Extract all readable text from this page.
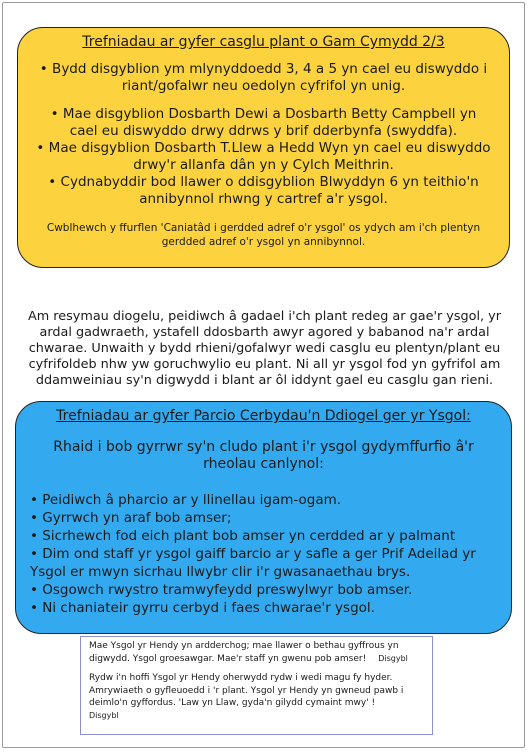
Trefniadau ar gyfer casglu plant o Gam Cymydd 2/3

• Bydd disgyblion ym mlynyddoedd 3, 4 a 5 yn cael eu diswyddo i riant/gofalwr neu oedolyn cyfrifol yn unig.
• Mae disgyblion Dosbarth Dewi a Dosbarth Betty Campbell yn cael eu diswyddo drwy ddrws y brif dderbynfa (swyddfa).
• Mae disgyblion Dosbarth T.Llew a Hedd Wyn yn cael eu diswyddo drwy'r allanfa dân yn y Cylch Meithrin.
• Cydnabyddir bod llawer o ddisgyblion Blwyddyn 6 yn teithio'n annibynnol rhwng y cartref a'r ysgol.

Cwblhewch y ffurflen 'Caniatâd i gerdded adref o'r ysgol' os ydych am i'ch plentyn gerdded adref o'r ysgol yn annibynnol.

Am resymau diogelu, peidiwch â gadael i'ch plant redeg ar gae'r ysgol, yr ardal gadwraeth, ystafell ddosbarth awyr agored y babanod na'r ardal chwarae. Unwaith y bydd rhieni/gofalwyr wedi casglu eu plentyn/plant eu cyfrifoldeb nhw yw goruchwylio eu plant. Ni all yr ysgol fod yn gyfrifol am ddamweiniau sy'n digwydd i blant ar ôl iddynt gael eu casglu gan rieni.

Trefniadau ar gyfer Parcio Cerbydau'n Ddiogel ger yr Ysgol:

Rhaid i bob gyrrwr sy'n cludo plant i'r ysgol gydymffurfio â'r rheolau canlynol:

• Peidiwch â pharcio ar y llinellau igam-ogam.
• Gyrrwch yn araf bob amser;
• Sicrhewch fod eich plant bob amser yn cerdded ar y palmant
• Dim ond staff yr ysgol gaiff barcio ar y safle a ger Prif Adeilad yr Ysgol er mwyn sicrhau llwybr clir i'r gwasanaethau brys.
• Osgowch rwystro tramwyfeydd preswylwyr bob amser.
• Ni chaniateir gyrru cerbyd i faes chwarae'r ysgol.

Mae Ysgol yr Hendy yn ardderchog; mae llawer o bethau gyffrous yn digwydd. Ysgol groesawgar. Mae'r staff yn gwenu pob amser! Disgybl

Rydw i'n hoffi Ysgol yr Hendy oherwydd rydw i wedi magu fy hyder. Amrywiaeth o gyfleuoedd i 'r plant. Ysgol yr Hendy yn gwneud pawb i deimlo'n gyffordus. 'Law yn Llaw, gyda'n gilydd cymaint mwy' !
Disgybl
